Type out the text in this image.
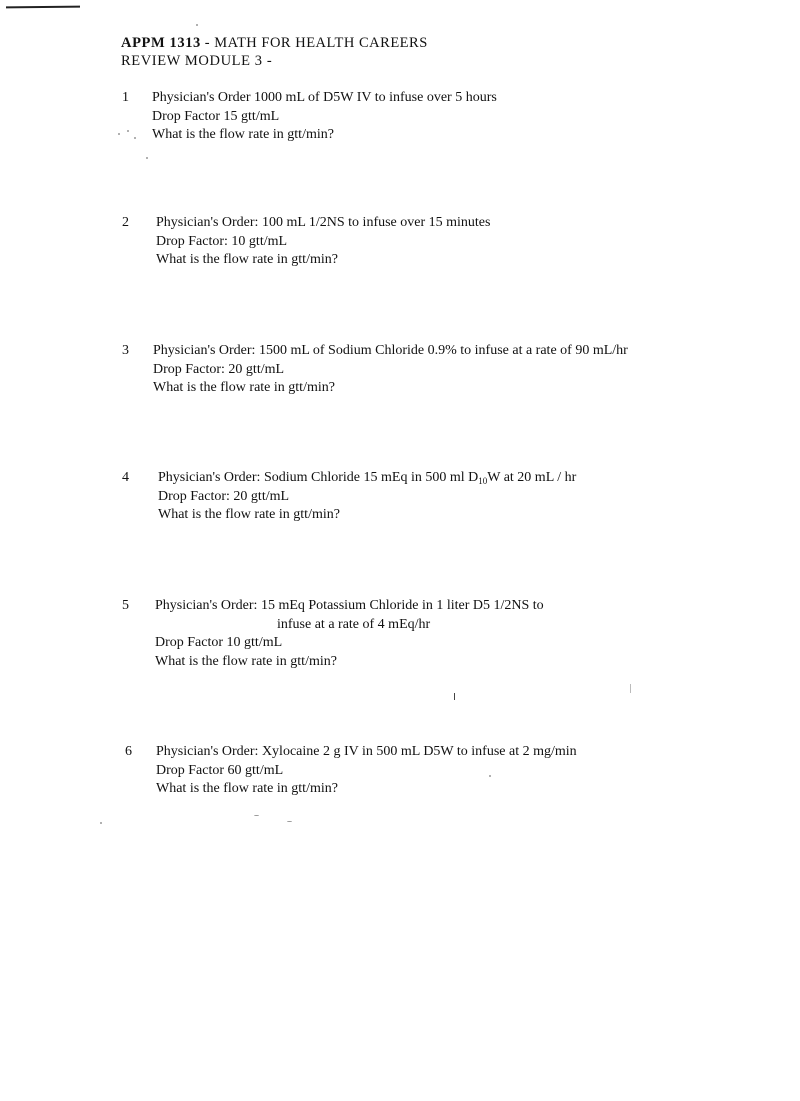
APPM 1313 - MATH FOR HEALTH CAREERS
REVIEW MODULE 3 -
1	Physician's Order 1000 mL of D5W IV to infuse over 5 hours
Drop Factor 15 gtt/mL
What is the flow rate in gtt/min?
2	Physician's Order: 100 mL 1/2NS to infuse over 15 minutes
Drop Factor: 10 gtt/mL
What is the flow rate in gtt/min?
3	Physician's Order: 1500 mL of Sodium Chloride 0.9% to infuse at a rate of 90 mL/hr
Drop Factor: 20 gtt/mL
What is the flow rate in gtt/min?
4	Physician's Order: Sodium Chloride 15 mEq in 500 ml $D_{10}W$ at 20 mL / hr
Drop Factor: 20 gtt/mL
What is the flow rate in gtt/min?
5	Physician's Order: 15 mEq Potassium Chloride in 1 liter D5 1/2NS to
infuse at a rate of 4 mEq/hr
Drop Factor 10 gtt/mL
What is the flow rate in gtt/min?
6	Physician's Order: Xylocaine 2 g IV in 500 mL D5W to infuse at 2 mg/min
Drop Factor 60 gtt/mL
What is the flow rate in gtt/min?
